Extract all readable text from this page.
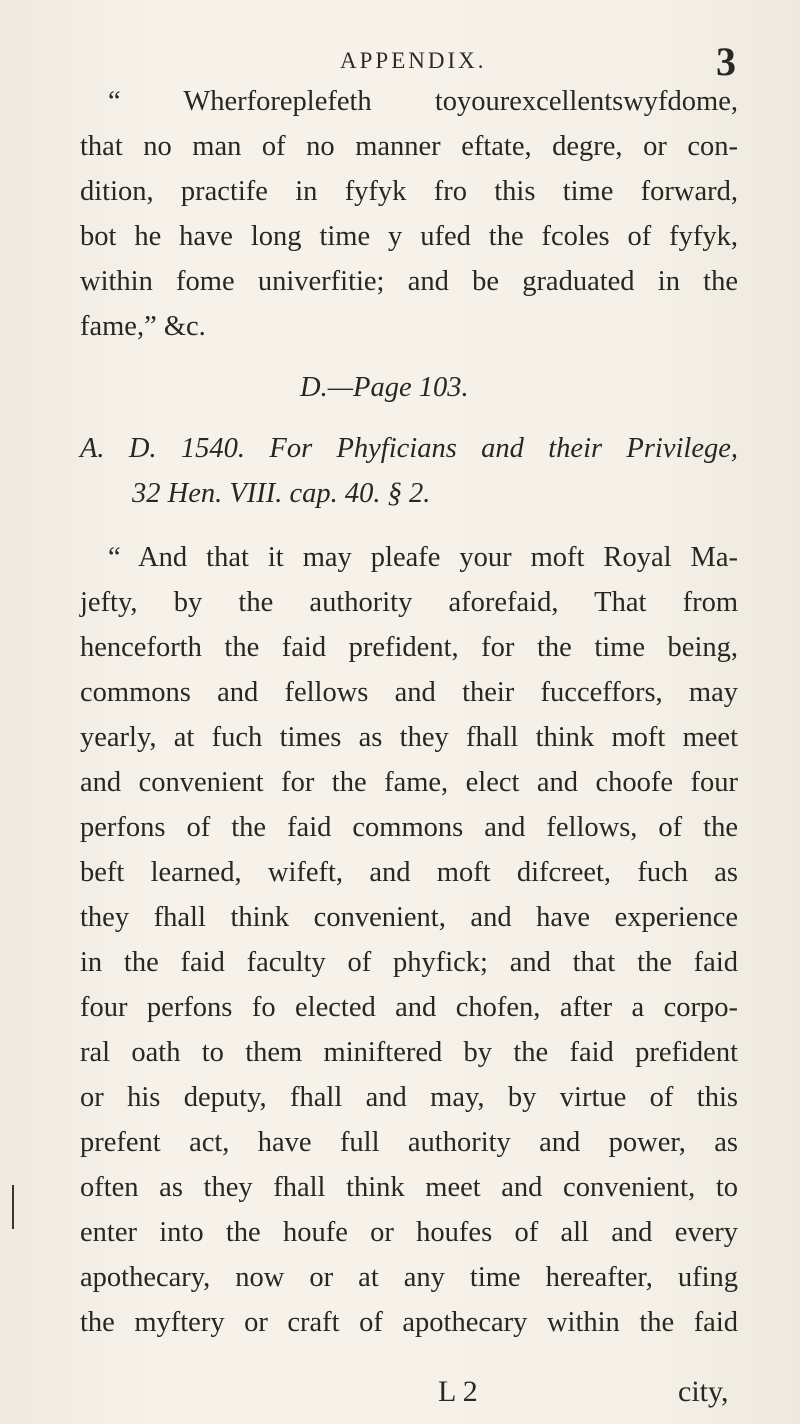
APPENDIX.	3
“ Wherforeplefeth toyourexcellentswyfdome,
that no man of no manner eftate, degre, or con-
dition, practife in fyfyk fro this time forward,
bot he have long time y ufed the fcoles of fyfyk,
within fome univerfitie; and be graduated in the
fame,” &c.
D.—Page 103.
A. D. 1540. For Phyficians and their Privilege,
32 Hen. VIII. cap. 40. § 2.
“ And that it may pleafe your moft Royal Ma-
jefty, by the authority aforefaid, That from
henceforth the faid prefident, for the time being,
commons and fellows and their fucceffors, may
yearly, at fuch times as they fhall think moft meet
and convenient for the fame, elect and choofe four
perfons of the faid commons and fellows, of the
beft learned, wifeft, and moft difcreet, fuch as
they fhall think convenient, and have experience
in the faid faculty of phyfick; and that the faid
four perfons fo elected and chofen, after a corpo-
ral oath to them miniftered by the faid prefident
or his deputy, fhall and may, by virtue of this
prefent act, have full authority and power, as
often as they fhall think meet and convenient, to
enter into the houfe or houfes of all and every
apothecary, now or at any time hereafter, ufing
the myftery or craft of apothecary within the faid
L 2	city,
